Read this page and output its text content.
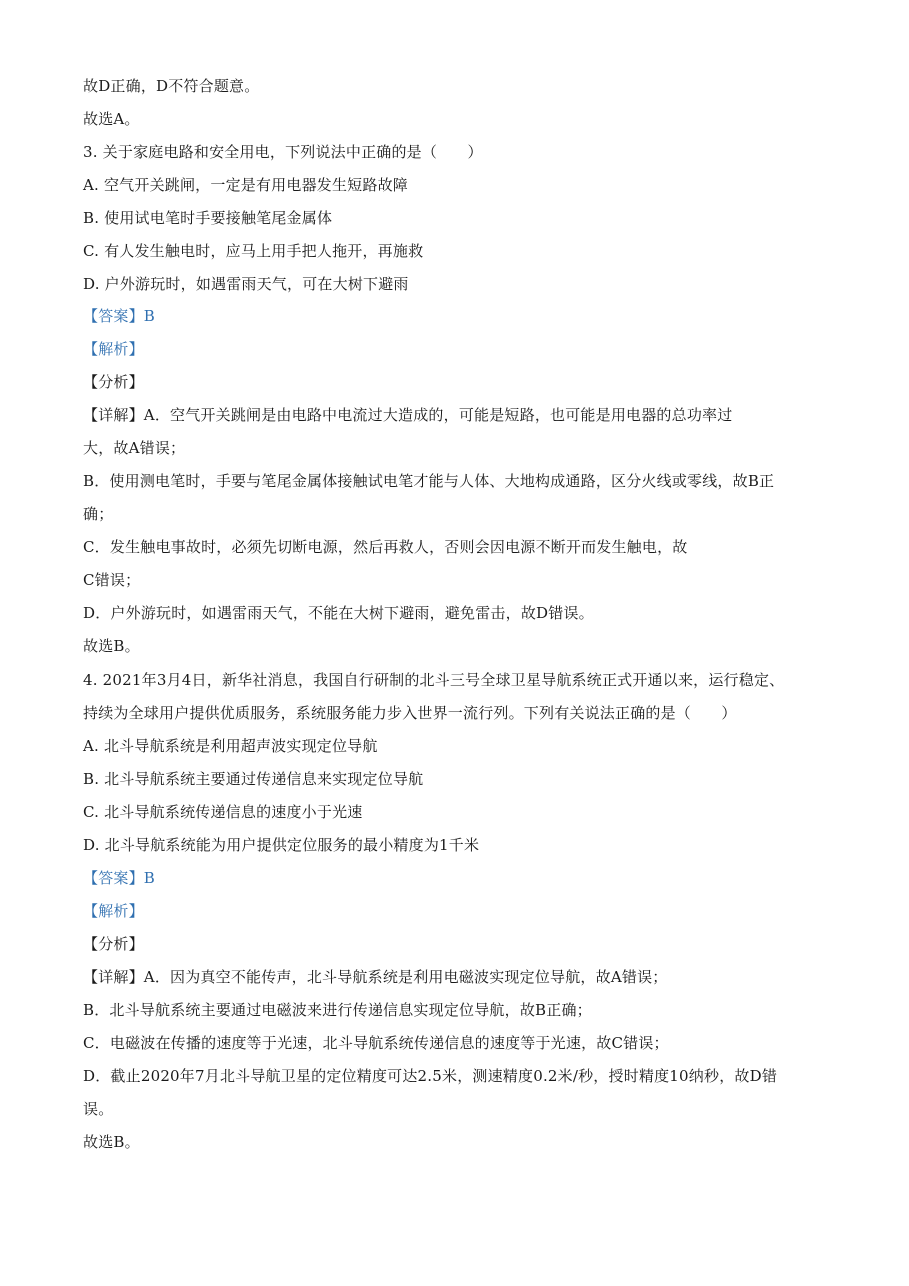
故D正确，D不符合题意。
故选A。
3. 关于家庭电路和安全用电，下列说法中正确的是（　　）
A. 空气开关跳闸，一定是有用电器发生短路故障
B. 使用试电笔时手要接触笔尾金属体
C. 有人发生触电时，应马上用手把人拖开，再施救
D. 户外游玩时，如遇雷雨天气，可在大树下避雨
【答案】B
【解析】
【分析】
【详解】A．空气开关跳闸是由电路中电流过大造成的，可能是短路，也可能是用电器的总功率过
大，故A错误；
B．使用测电笔时，手要与笔尾金属体接触试电笔才能与人体、大地构成通路，区分火线或零线，故B正
确；
C．发生触电事故时，必须先切断电源，然后再救人，否则会因电源不断开而发生触电，故
C错误；
D．户外游玩时，如遇雷雨天气，不能在大树下避雨，避免雷击，故D错误。
故选B。
4. 2021年3月4日，新华社消息，我国自行研制的北斗三号全球卫星导航系统正式开通以来，运行稳定、
持续为全球用户提供优质服务，系统服务能力步入世界一流行列。下列有关说法正确的是（　　）
A. 北斗导航系统是利用超声波实现定位导航
B. 北斗导航系统主要通过传递信息来实现定位导航
C. 北斗导航系统传递信息的速度小于光速
D. 北斗导航系统能为用户提供定位服务的最小精度为1千米
【答案】B
【解析】
【分析】
【详解】A．因为真空不能传声，北斗导航系统是利用电磁波实现定位导航，故A错误；
B．北斗导航系统主要通过电磁波来进行传递信息实现定位导航，故B正确；
C．电磁波在传播的速度等于光速，北斗导航系统传递信息的速度等于光速，故C错误；
D．截止2020年7月北斗导航卫星的定位精度可达2.5米，测速精度0.2米/秒，授时精度10纳秒，故D错
误。
故选B。
